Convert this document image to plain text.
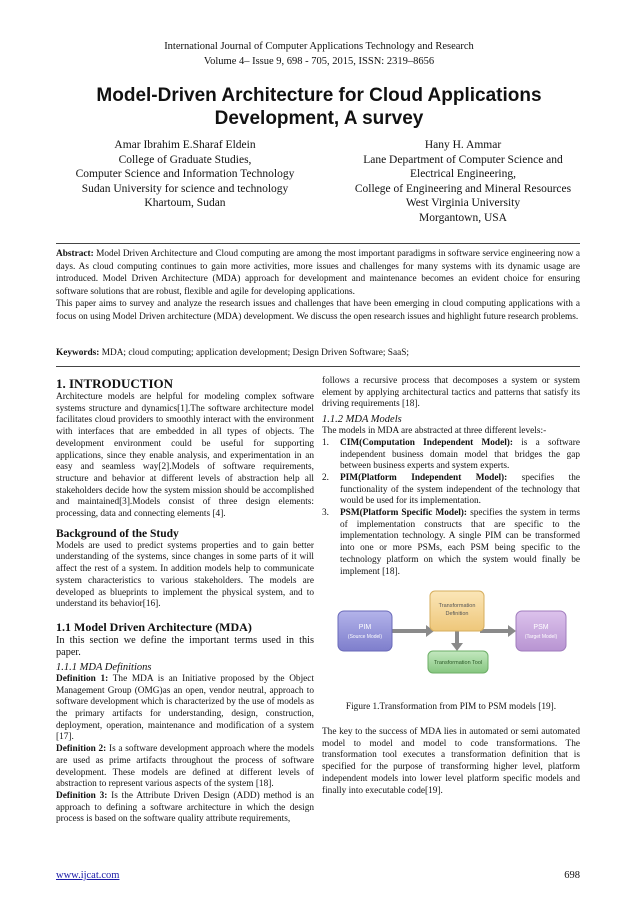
International Journal of Computer Applications Technology and Research
Volume 4– Issue 9, 698 - 705, 2015, ISSN: 2319–8656
Model-Driven Architecture for Cloud Applications
Development, A survey
Amar Ibrahim E.Sharaf Eldein
College of Graduate Studies,
Computer Science and Information Technology
Sudan University for science and technology
Khartoum, Sudan
Hany H. Ammar
Lane Department of Computer Science and
Electrical Engineering,
College of Engineering and Mineral Resources
West Virginia University
Morgantown, USA

Abstract: Model Driven Architecture and Cloud computing are among the most important paradigms in software service engineering now a days. As cloud computing continues to gain more activities, more issues and challenges for many systems with its dynamic usage are introduced. Model Driven Architecture (MDA) approach for development and maintenance becomes an evident choice for ensuring software solutions that are robust, flexible and agile for developing applications.

This paper aims to survey and analyze the research issues and challenges that have been emerging in cloud computing applications with a focus on using Model Driven architecture (MDA) development. We discuss the open research issues and highlight future research problems.

Keywords: MDA; cloud computing; application development; Design Driven Software; SaaS;
1. INTRODUCTION

Architecture models are helpful for modeling complex software systems structure and dynamics[1].The software architecture model facilitates cloud providers to smoothly interact with the environment with interfaces that are embedded in all types of objects. The development environment could be useful for supporting applications, since they enable analysis, and experimentation in an easy and seamless way[2].Models of software requirements, structure and behavior at different levels of abstraction help all stakeholders decide how the system mission should be accomplished and maintained[3].Models consist of three design elements: processing, data and connecting elements [4].

Background of the Study

Models are used to predict systems properties and to gain better understanding of the systems, since changes in some parts of it will affect the rest of a system. In addition models help to communicate system characteristics to various stakeholders. The models are developed as blueprints to implement the physical system, and to understand its behavior[16].

1.1 Model Driven Architecture (MDA)

In this section we define the important terms used in this paper.

1.1.1 MDA Definitions

Definition 1: The MDA is an Initiative proposed by the Object Management Group (OMG)as an open, vendor neutral, approach to software development which is characterized by the use of models as the primary artifacts for understanding, design, construction, deployment, operation, maintenance and modification of a system [17].

Definition 2: Is a software development approach where the models are used as prime artifacts throughout the process of software development. These models are defined at different levels of abstraction to represent various aspects of the system [18].

Definition 3: Is the Attribute Driven Design (ADD) method is an approach to defining a software architecture in which the design process is based on the software quality attribute requirements,

follows a recursive process that decomposes a system or system element by applying architectural tactics and patterns that satisfy its driving requirements [18].

1.1.2 MDA Models

The models in MDA are abstracted at three different levels:-

1. CIM(Computation Independent Model): is a software independent business domain model that bridges the gap between business experts and system experts.
2. PIM(Platform Independent Model): specifies the functionality of the system independent of the technology that would be used for its implementation.
3. PSM(Platform Specific Model): specifies the system in terms of implementation constructs that are specific to the implementation technology. A single PIM can be transformed into one or more PSMs, each PSM being specific to the technology platform on which the system would finally be implement [18].
PIM
(Source Model)
Transformation
Definition
Transformation Tool
PSM
(Target Model)
Figure 1.Transformation from PIM to PSM models [19].

The key to the success of MDA lies in automated or semi automated model to model and model to code transformations. The transformation tool executes a transformation definition that is specified for the purpose of transforming higher level, platform independent models into lower level platform specific models and finally into executable code[19].

www.ijcat.com	698
